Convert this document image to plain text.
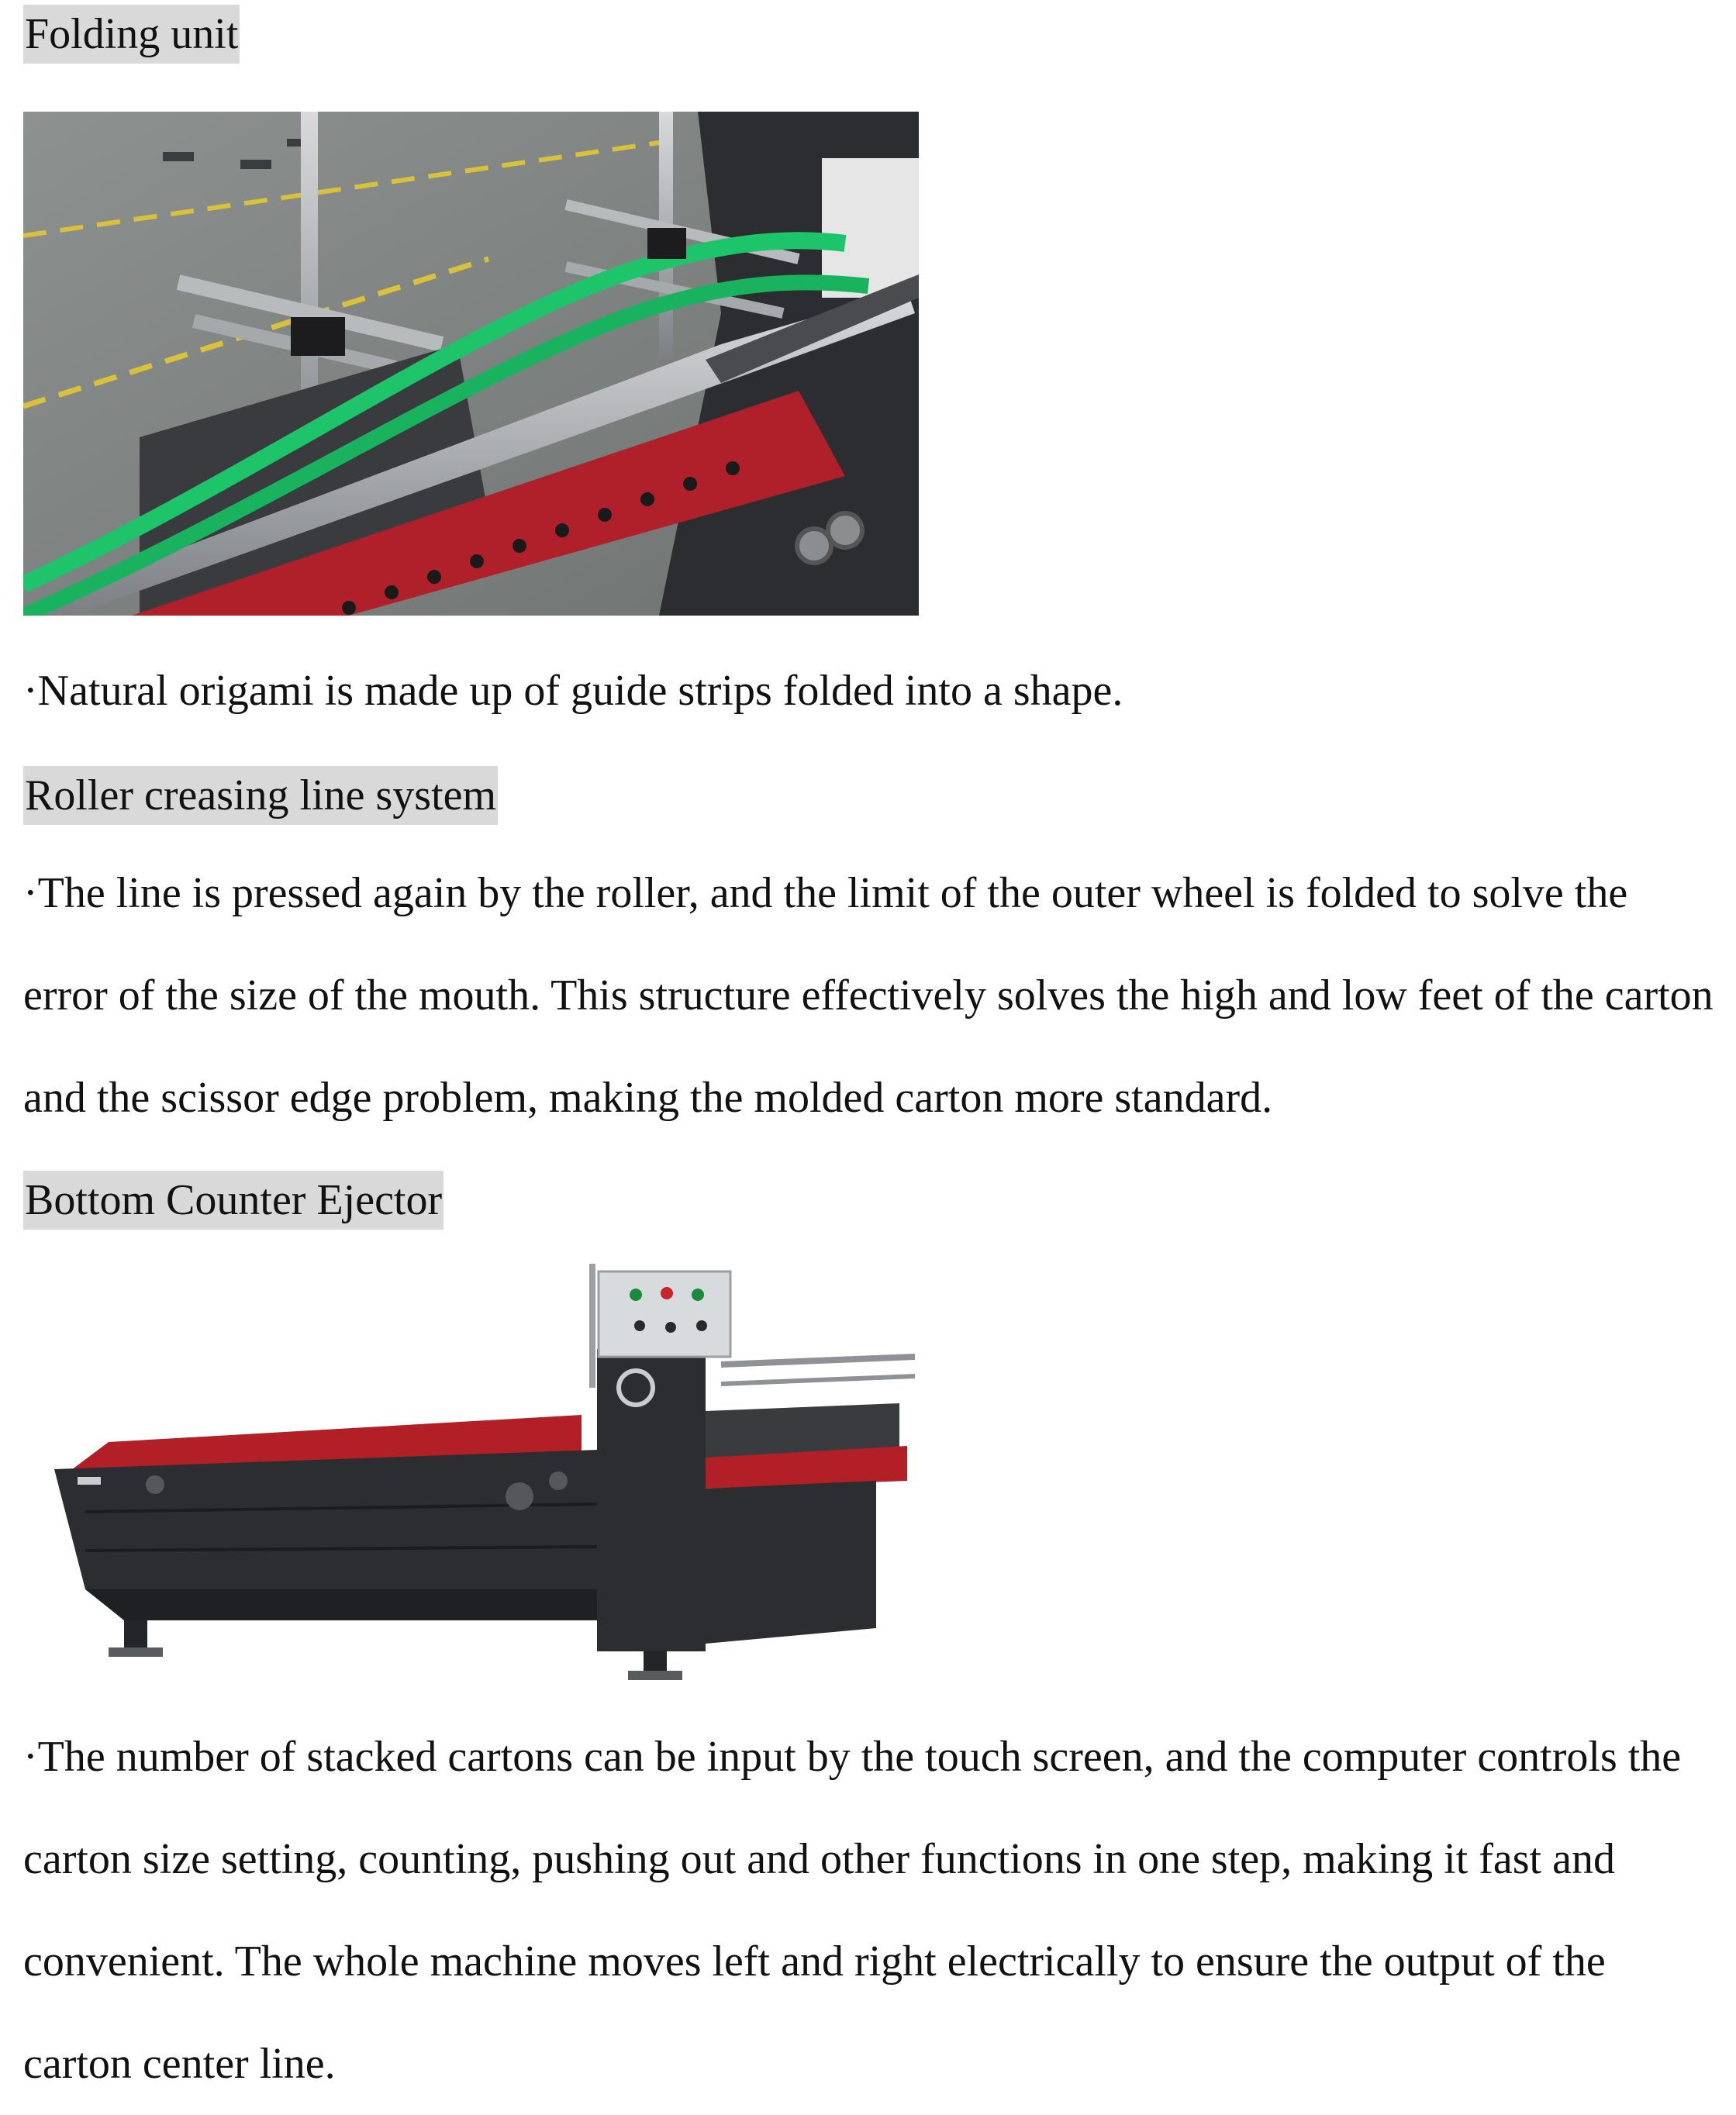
Folding unit

·Natural origami is made up of guide strips folded into a shape.

Roller creasing line system

·The line is pressed again by the roller, and the limit of the outer wheel is folded to solve the error of the size of the mouth. This structure effectively solves the high and low feet of the carton and the scissor edge problem, making the molded carton more standard.

Bottom Counter Ejector

·The number of stacked cartons can be input by the touch screen, and the computer controls the carton size setting, counting, pushing out and other functions in one step, making it fast and convenient. The whole machine moves left and right electrically to ensure the output of the carton center line.
